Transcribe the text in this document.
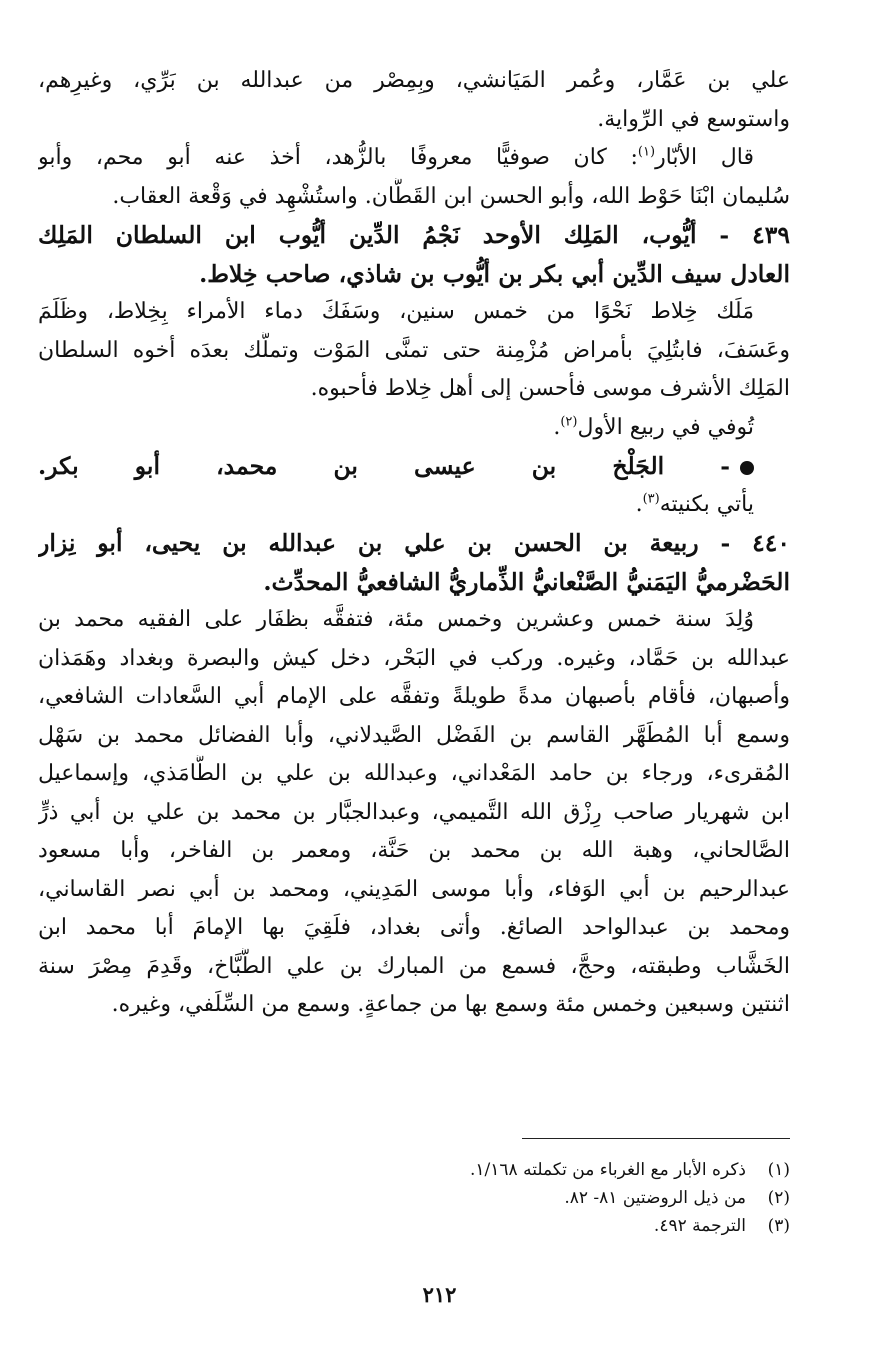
علي بن عَمَّار، وعُمر المَيَانشي، وبِمِصْر من عبدالله بن بَرِّي، وغيرِهم،
واستوسع في الرِّواية.
قال الأبّار$^{(١)}$: كان صوفيًّا معروفًا بالزُّهد، أخذ عنه أبو محم، وأبو
سُليمان ابْنَا حَوْط الله، وأبو الحسن ابن القَطَّان. واستُشْهِد في وَقْعة العقاب.
٤٣٩ - أيُّوب، المَلِك الأوحد نَجْمُ الدِّين أيُّوب ابن السلطان المَلِك
العادل سيف الدِّين أبي بكر بن أيُّوب بن شاذي، صاحب خِلاط.
مَلَك خِلاط نَحْوًا من خمس سنين، وسَفَكَ دماء الأمراء بِخِلاط، وظَلَمَ
وعَسَفَ، فابتُلِيَ بأمراض مُزْمِنة حتى تمنَّى المَوْت وتملَّك بعدَه أخوه السلطان
المَلِك الأشرف موسى فأحسن إلى أهل خِلاط فأحبوه.
تُوفي في ربيع الأول$^{(٢)}$.
- الجَلْخ بن عيسى بن محمد، أبو بكر.
يأتي بكنيته$^{(٣)}$.
٤٤٠ - ربيعة بن الحسن بن علي بن عبدالله بن يحيى، أبو نِزار
الحَضْرميُّ اليَمَنيُّ الصَّنْعانيُّ الذِّماريُّ الشافعيُّ المحدِّث.
وُلِدَ سنة خمس وعشرين وخمس مئة، فتفقَّه بظفَار على الفقيه محمد بن
عبدالله بن حَمَّاد، وغيره. وركب في البَحْر، دخل كيش والبصرة وبغداد وهَمَذان
وأصبهان، فأقام بأصبهان مدةً طويلةً وتفقَّه على الإمام أبي السَّعادات الشافعي،
وسمع أبا المُطَهَّر القاسم بن الفَضْل الصَّيدلاني، وأبا الفضائل محمد بن سَهْل
المُقرىء، ورجاء بن حامد المَعْداني، وعبدالله بن علي بن الطَّامَذي، وإسماعيل
ابن شهريار صاحب رِزْق الله التَّميمي، وعبدالجبَّار بن محمد بن علي بن أبي ذرٍّ
الصَّالحاني، وهبة الله بن محمد بن حَنَّة، ومعمر بن الفاخر، وأبا مسعود
عبدالرحيم بن أبي الوَفاء، وأبا موسى المَدِيني، ومحمد بن أبي نصر القاساني،
ومحمد بن عبدالواحد الصائغ. وأتى بغداد، فلَقِيَ بها الإمامَ أبا محمد ابن
الخَشَّاب وطبقته، وحجَّ، فسمع من المبارك بن علي الطَّبَّاخ، وقَدِمَ مِصْرَ سنة
اثنتين وسبعين وخمس مئة وسمع بها من جماعةٍ. وسمع من السِّلَفي، وغيره.
(١)ذكره الأبار مع الغرباء من تكملته ١/١٦٨.
(٢)من ذيل الروضتين ٨١- ٨٢.
(٣)الترجمة ٤٩٢.
٢١٢
